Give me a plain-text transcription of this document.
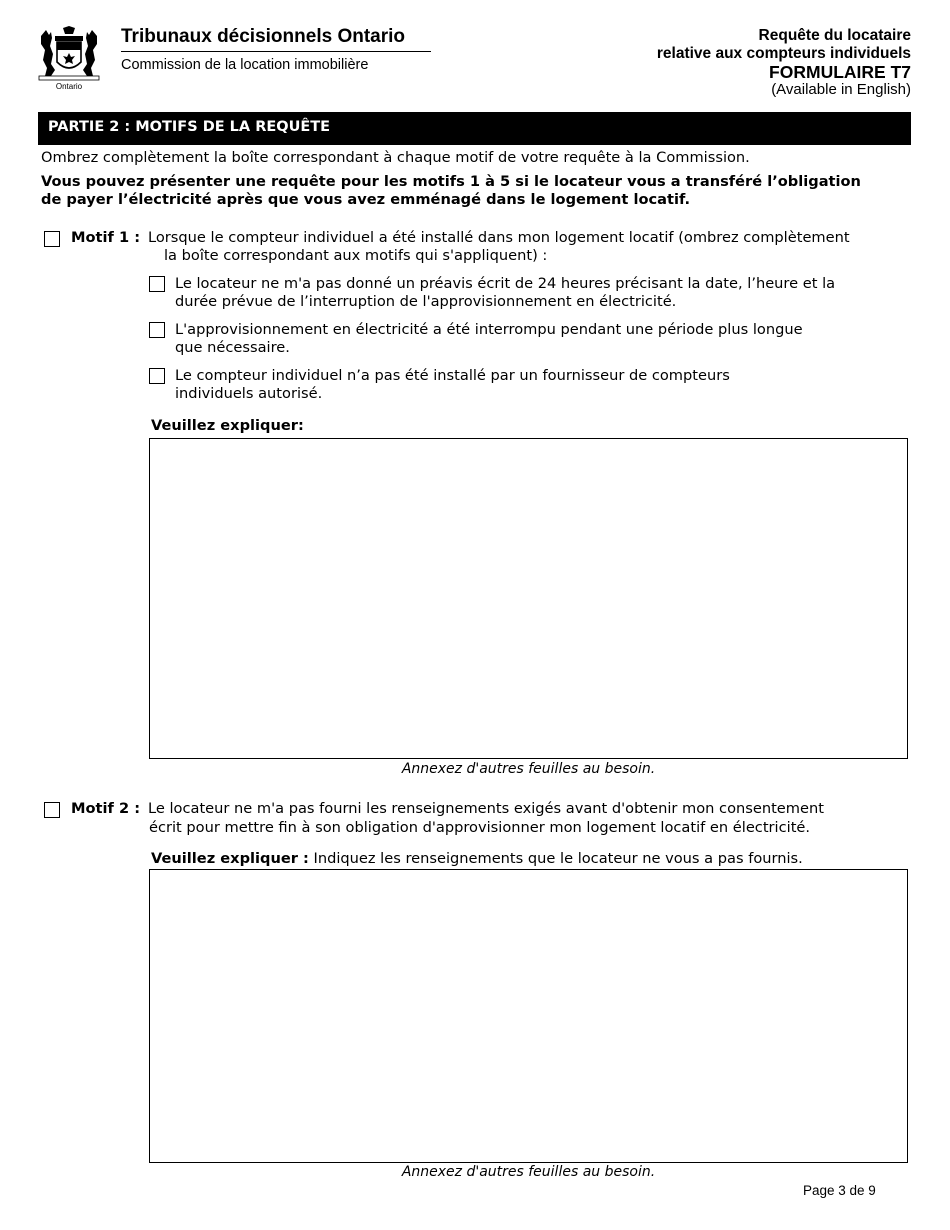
Ontario
Tribunaux décisionnels Ontario
Commission de la location immobilière
Requête du locataire
relative aux compteurs individuels
FORMULAIRE T7
(Available in English)
PARTIE 2 : MOTIFS DE LA REQUÊTE
Ombrez complètement la boîte correspondant à chaque motif de votre requête à la Commission.
Vous pouvez présenter une requête pour les motifs 1 à 5 si le locateur vous a transféré l’obligation
de payer l’électricité après que vous avez emménagé dans le logement locatif.
Motif 1 : Lorsque le compteur individuel a été installé dans mon logement locatif (ombrez complètement
la boîte correspondant aux motifs qui s'appliquent) :
Le locateur ne m'a pas donné un préavis écrit de 24 heures précisant la date, l’heure et la
durée prévue de l’interruption de l'approvisionnement en électricité.
L'approvisionnement en électricité a été interrompu pendant une période plus longue
que nécessaire.
Le compteur individuel n’a pas été installé par un fournisseur de compteurs
individuels autorisé.
Veuillez expliquer:
Annexez d'autres feuilles au besoin.
Motif 2 : Le locateur ne m'a pas fourni les renseignements exigés avant d'obtenir mon consentement
écrit pour mettre fin à son obligation d'approvisionner mon logement locatif en électricité.
Veuillez expliquer : Indiquez les renseignements que le locateur ne vous a pas fournis.
Annexez d'autres feuilles au besoin.
Page 3 de 9
